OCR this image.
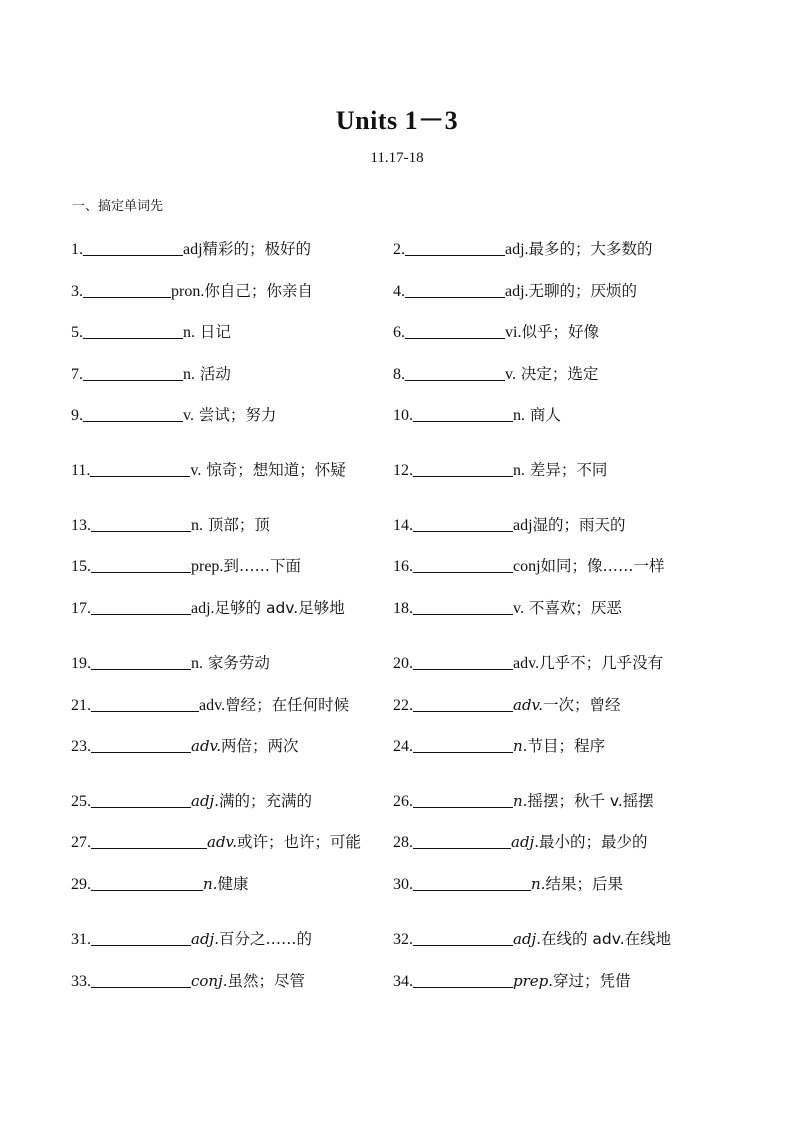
Units 1－3
11.17-18
一、搞定单词先
1.	adj精彩的；极好的	2.	adj.最多的；大多数的
3.	pron.你自己；你亲自	4.	adj.无聊的；厌烦的
5.	n. 日记	6.	vi.似乎；好像
7.	n. 活动	8.	v. 决定；选定
9.	v. 尝试；努力	10.	n. 商人
11.	v. 惊奇；想知道；怀疑	12.	n. 差异；不同
13.	n. 顶部；顶	14.	adj湿的；雨天的
15.	prep.到……下面	16.	conj如同；像……一样
17.	adj.足够的 adv.足够地	18.	v. 不喜欢；厌恶
19.	n. 家务劳动	20.	adv.几乎不；几乎没有
21.	adv.曾经；在任何时候	22.	adv.一次；曾经
23.	adv.两倍；两次	24.	n.节目；程序
25.	adj.满的；充满的	26.	n.摇摆；秋千 v.摇摆
27.	adv.或许；也许；可能 28.	adj.最小的；最少的
29.	n.健康	30.	n.结果；后果
31.	adj.百分之……的	32.	adj.在线的 adv.在线地
33.	conj.虽然；尽管	34.	prep.穿过；凭借
